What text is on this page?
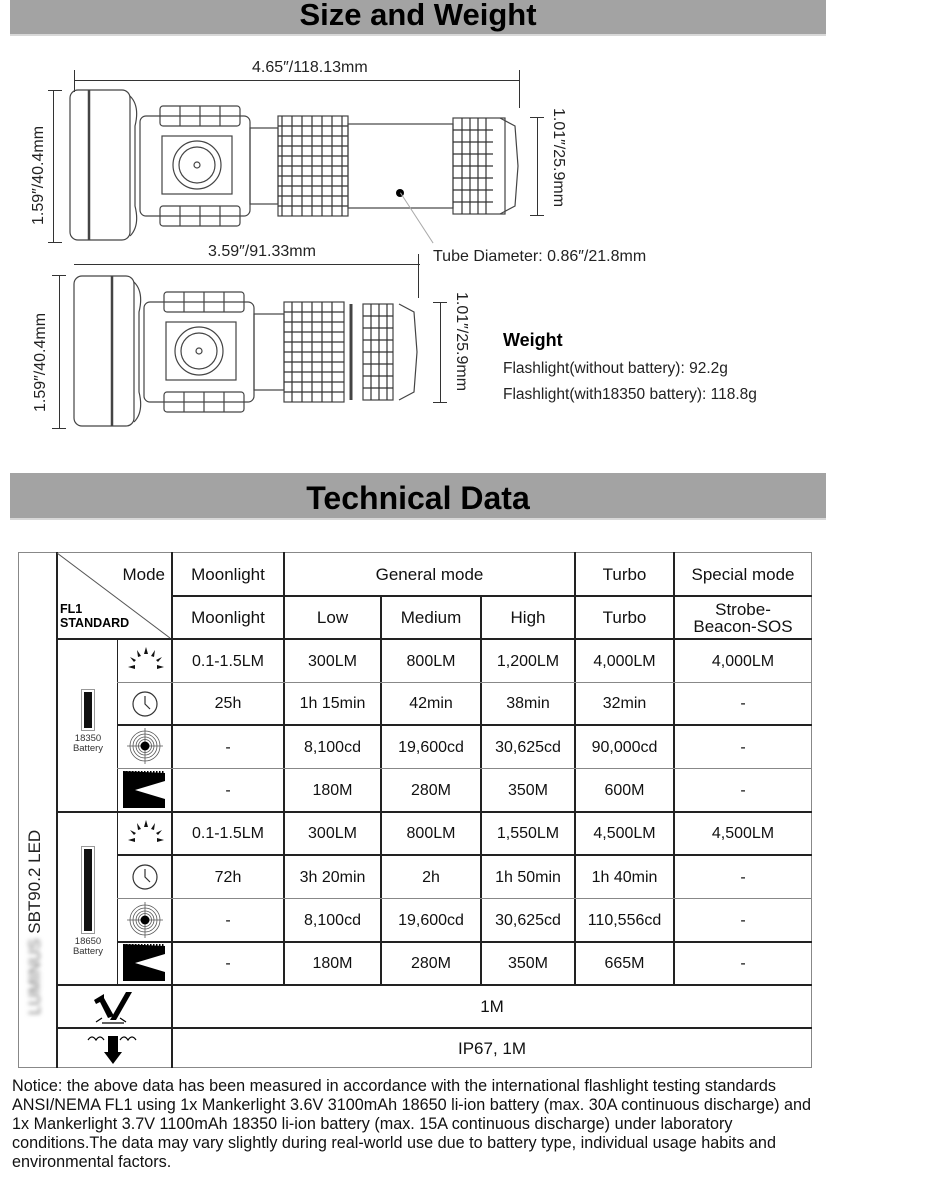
Size and Weight
4.65″/118.13mm
1.59″/40.4mm	1.01″/25.9mm
Tube Diameter: 0.86″/21.8mm
3.59″/91.33mm
1.59″/40.4mm	1.01″/25.9mm Weight
Flashlight(without battery): 92.2g
Flashlight(with18350 battery): 118.8g
Technical Data
LUMINUS SBT90.2 LED
Mode
FL1
STANDARD
Moonlight	General mode	Turbo	Special mode
Moonlight	Low	Medium	High	Turbo	Strobe-
Beacon-SOS
18350
Battery
18650
Battery
0.1-1.5LM	300LM	800LM	1,200LM	4,000LM	4,000LM
25h	1h 15min	42min	38min	32min	-
-	8,100cd	19,600cd	30,625cd	90,000cd	-
-	180M	280M	350M	600M	-
0.1-1.5LM	300LM	800LM	1,550LM	4,500LM	4,500LM
72h	3h 20min	2h	1h 50min	1h 40min	-
-	8,100cd	19,600cd	30,625cd	110,556cd	-
-	180M	280M	350M	665M	-
1M
IP67, 1M
Notice: the above data has been measured in accordance with the international flashlight testing standards ANSI/NEMA FL1 using 1x Mankerlight 3.6V 3100mAh 18650 li-ion battery (max. 30A continuous discharge) and 1x Mankerlight 3.7V 1100mAh 18350 li-ion battery (max. 15A continuous discharge) under laboratory conditions.The data may vary slightly during real-world use due to battery type, individual usage habits and environmental factors.
